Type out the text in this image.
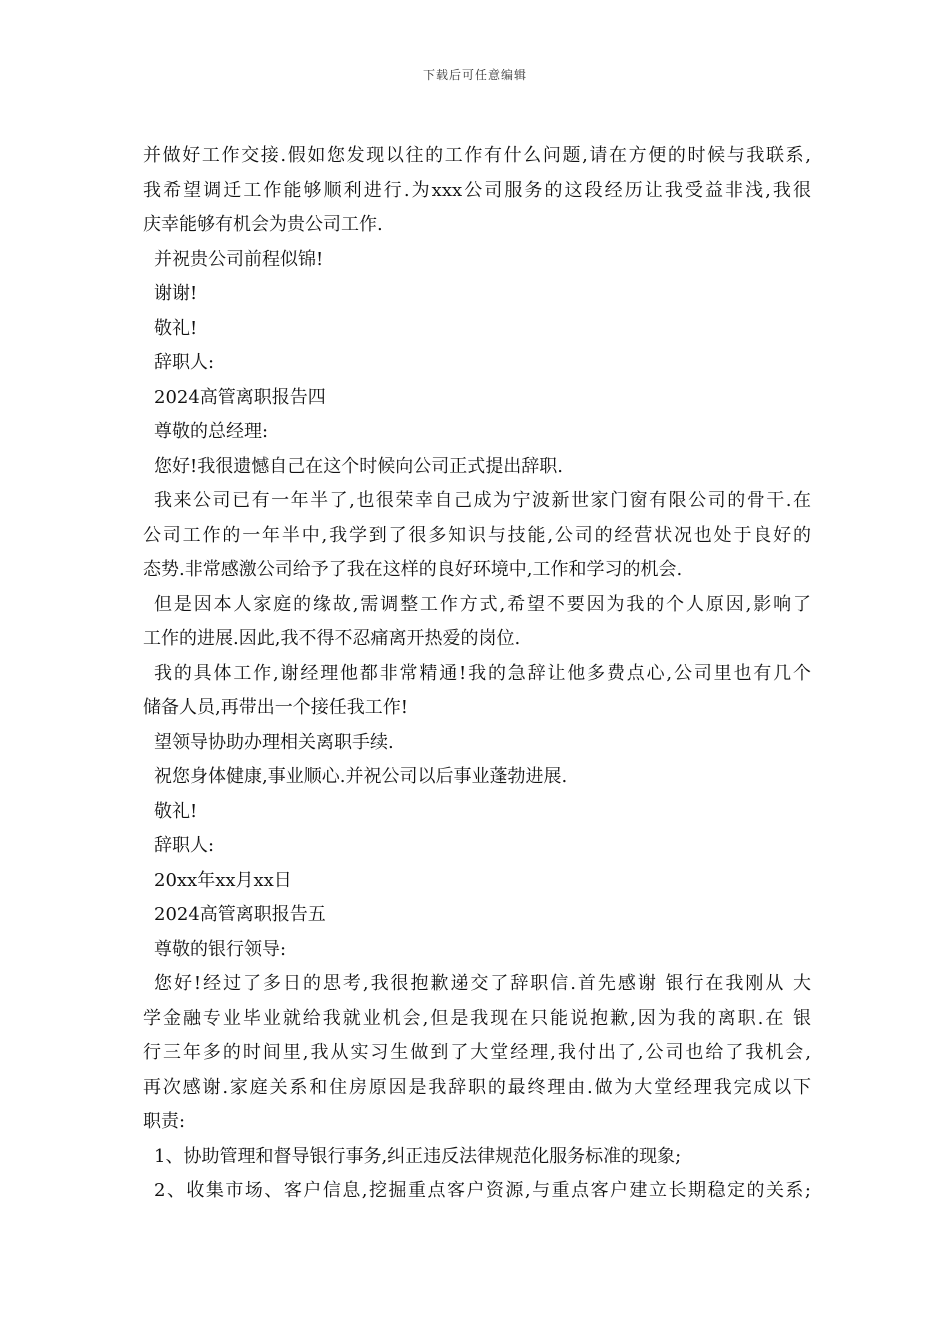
下载后可任意编辑
并做好工作交接.假如您发现以往的工作有什么问题,请在方便的时候与我联系,
我希望调迁工作能够顺利进行.为xxx公司服务的这段经历让我受益非浅,我很
庆幸能够有机会为贵公司工作.
并祝贵公司前程似锦!
谢谢!
敬礼!
辞职人:
2024高管离职报告四
尊敬的总经理:
您好!我很遗憾自己在这个时候向公司正式提出辞职.
我来公司已有一年半了,也很荣幸自己成为宁波新世家门窗有限公司的骨干.在
公司工作的一年半中,我学到了很多知识与技能,公司的经营状况也处于良好的
态势.非常感激公司给予了我在这样的良好环境中,工作和学习的机会.
但是因本人家庭的缘故,需调整工作方式,希望不要因为我的个人原因,影响了
工作的进展.因此,我不得不忍痛离开热爱的岗位.
我的具体工作,谢经理他都非常精通!我的急辞让他多费点心,公司里也有几个
储备人员,再带出一个接任我工作!
望领导协助办理相关离职手续.
祝您身体健康,事业顺心.并祝公司以后事业蓬勃进展.
敬礼!
辞职人:
20xx年xx月xx日
2024高管离职报告五
尊敬的银行领导:
您好!经过了多日的思考,我很抱歉递交了辞职信.首先感谢 银行在我刚从 大
学金融专业毕业就给我就业机会,但是我现在只能说抱歉,因为我的离职.在 银
行三年多的时间里,我从实习生做到了大堂经理,我付出了,公司也给了我机会,
再次感谢.家庭关系和住房原因是我辞职的最终理由.做为大堂经理我完成以下
职责:
1、协助管理和督导银行事务,纠正违反法律规范化服务标准的现象;
2、收集市场、客户信息,挖掘重点客户资源,与重点客户建立长期稳定的关系;
